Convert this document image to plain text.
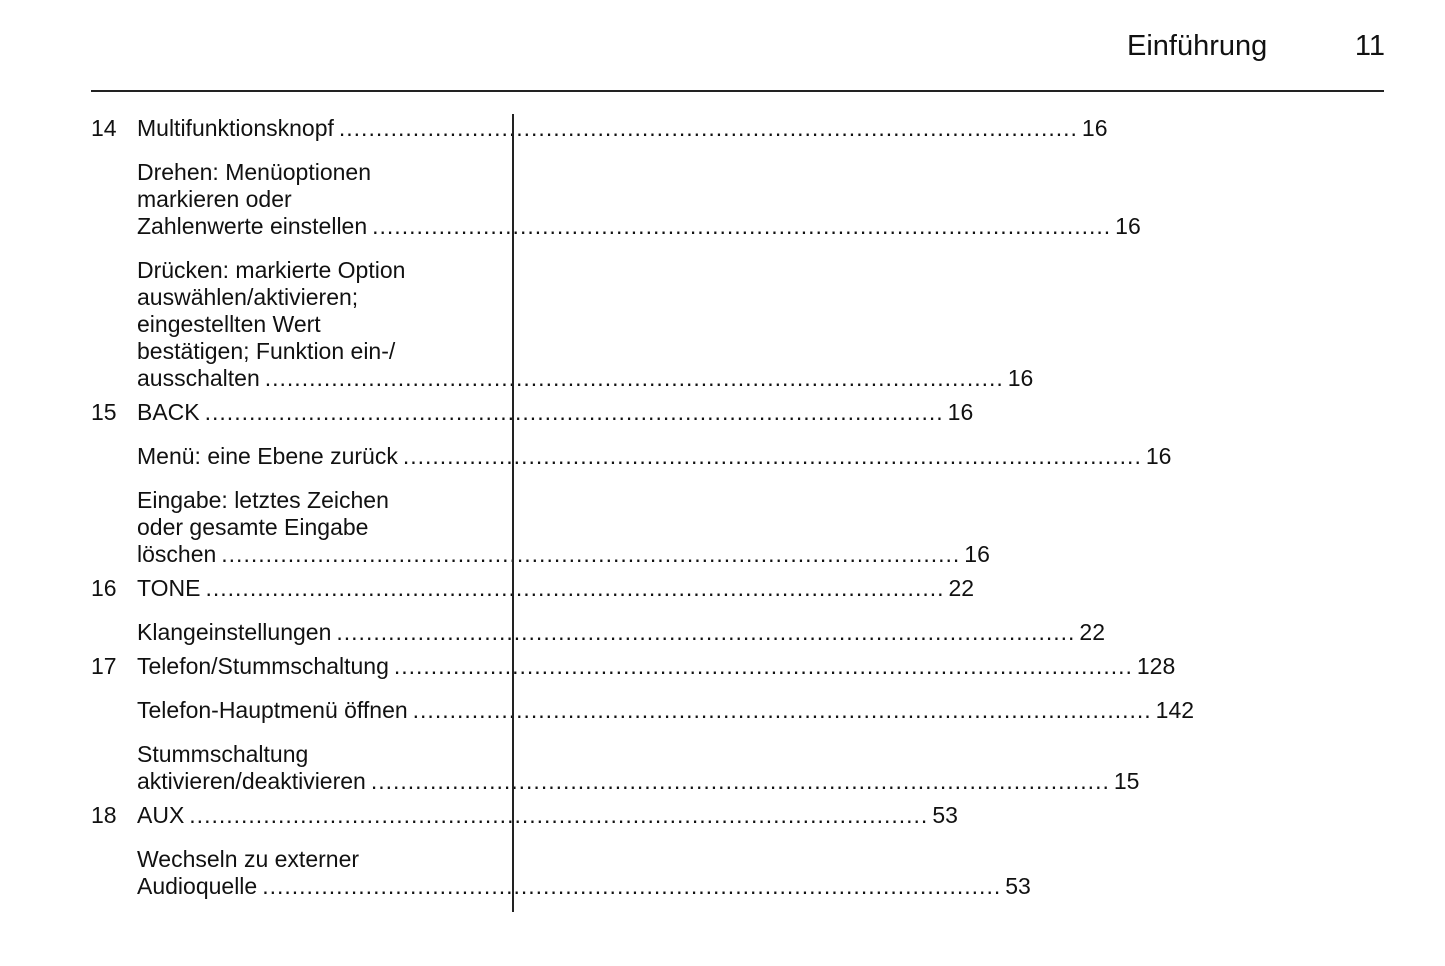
Einführung	11
14 Multifunktionsknopf .................................................................................................... 16
Drehen: Menüoptionen
markieren oder
Zahlenwerte einstellen .................................................................................................... 16
Drücken: markierte Option
auswählen/aktivieren;
eingestellten Wert
bestätigen; Funktion ein-/
ausschalten .................................................................................................... 16
15 BACK .................................................................................................... 16
Menü: eine Ebene zurück .................................................................................................... 16
Eingabe: letztes Zeichen
oder gesamte Eingabe
löschen .................................................................................................... 16
16 TONE .................................................................................................... 22
Klangeinstellungen .................................................................................................... 22
17 Telefon/Stummschaltung .................................................................................................... 128
Telefon-Hauptmenü öffnen .................................................................................................... 142
Stummschaltung
aktivieren/deaktivieren .................................................................................................... 15
18 AUX .................................................................................................... 53
Wechseln zu externer
Audioquelle .................................................................................................... 53
